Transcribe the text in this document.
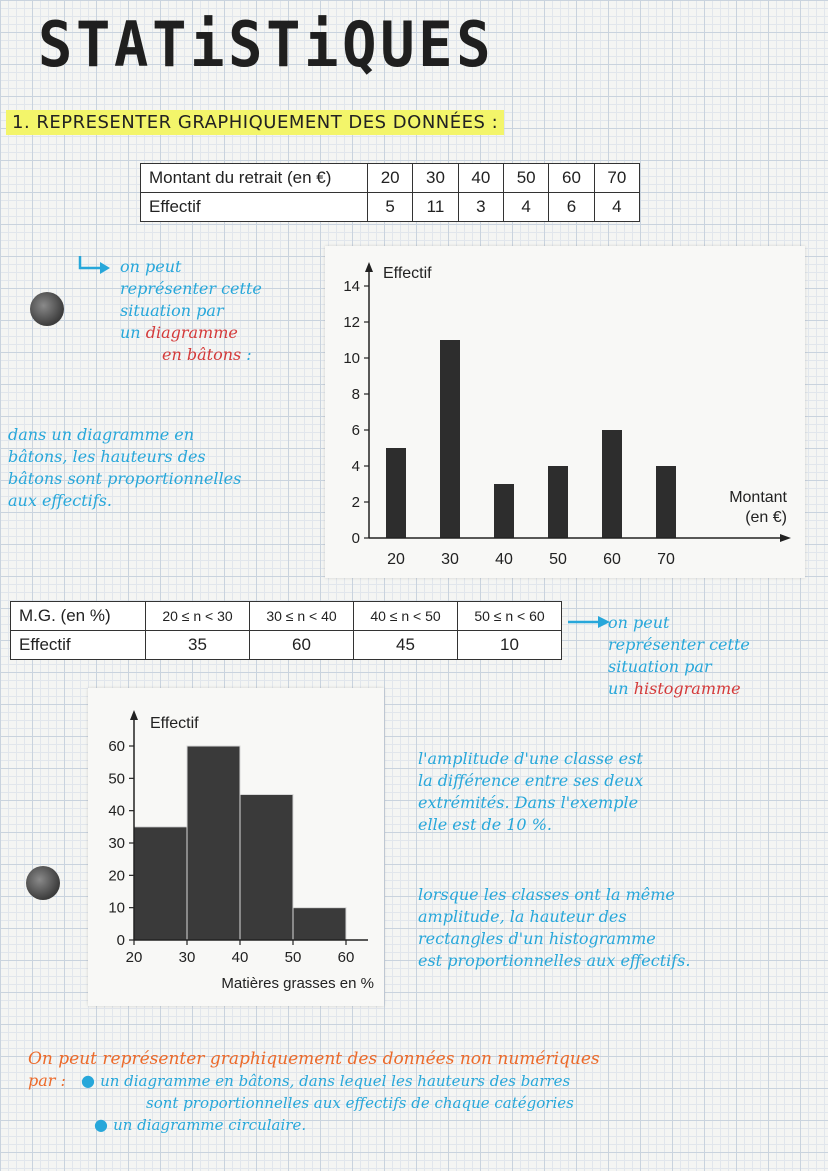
STATiSTiQUES
1. REPRESENTER GRAPHIQUEMENT DES DONNÉES :
Montant du retrait (en €)	20	30	40	50	60	70
Effectif	5	11	3	4	6	4
on peut
représenter cette
situation par
un diagramme
en bâtons :
dans un diagramme en
bâtons, les hauteurs des
bâtons sont proportionnelles
aux effectifs.
0
2
4
6
8
10
12
14
20 30 40 50 60 70
Effectif
Montant
(en €)
M.G. (en %)	20 ≤ n < 30	30 ≤ n < 40	40 ≤ n < 50	50 ≤ n < 60
Effectif	35	60	45	10
on peut
représenter cette
situation par
un histogramme
0
10
20
30
40
50
60
20 30 40 50 60
Effectif
Matières grasses en %
l'amplitude d'une classe est
la différence entre ses deux
extrémités. Dans l'exemple
elle est de 10 %.
lorsque les classes ont la même
amplitude, la hauteur des
rectangles d'un histogramme
est proportionnelles aux effectifs.
On peut représenter graphiquement des données non numériques
par : ● un diagramme en bâtons, dans lequel les hauteurs des barres
sont proportionnelles aux effectifs de chaque catégories
● un diagramme circulaire.
